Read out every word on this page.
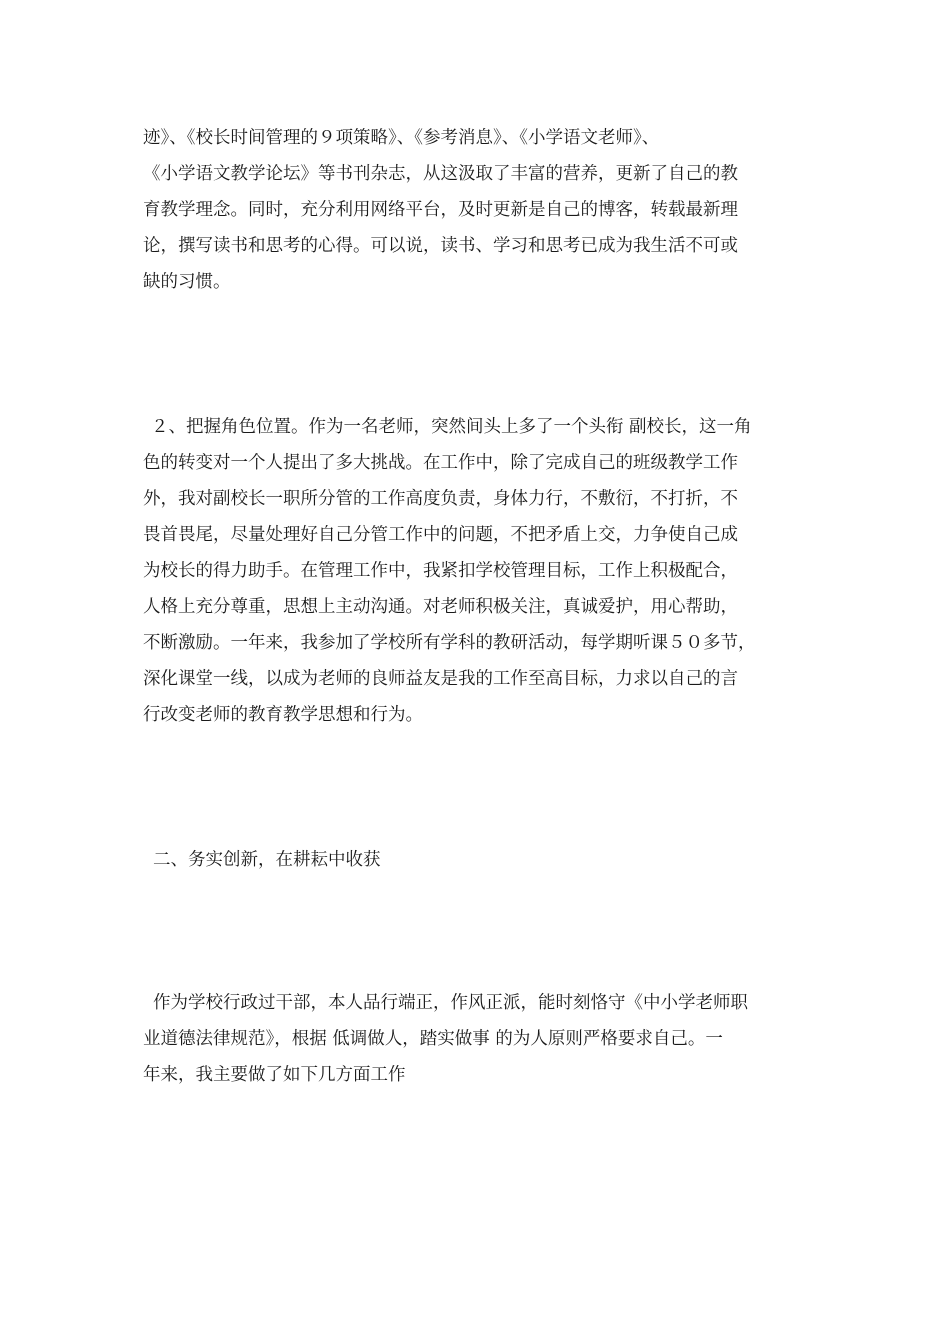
迹》、《校长时间管理的９项策略》、《参考消息》、《小学语文老师》、
《小学语文教学论坛》等书刊杂志，从这汲取了丰富的营养，更新了自己的教
育教学理念。同时，充分利用网络平台，及时更新是自己的博客，转载最新理
论，撰写读书和思考的心得。可以说，读书、学习和思考已成为我生活不可或
缺的习惯。
２、把握角色位置。作为一名老师，突然间头上多了一个头衔 副校长，这一角
色的转变对一个人提出了多大挑战。在工作中，除了完成自己的班级教学工作
外，我对副校长一职所分管的工作高度负责，身体力行，不敷衍，不打折，不
畏首畏尾，尽量处理好自己分管工作中的问题，不把矛盾上交，力争使自己成
为校长的得力助手。在管理工作中，我紧扣学校管理目标，工作上积极配合，
人格上充分尊重，思想上主动沟通。对老师积极关注，真诚爱护，用心帮助，
不断激励。一年来，我参加了学校所有学科的教研活动，每学期听课５０多节，
深化课堂一线，以成为老师的良师益友是我的工作至高目标，力求以自己的言
行改变老师的教育教学思想和行为。
二、务实创新，在耕耘中收获
作为学校行政过干部，本人品行端正，作风正派，能时刻恪守《中小学老师职
业道德法律规范》，根据 低调做人，踏实做事 的为人原则严格要求自己。一
年来，我主要做了如下几方面工作
